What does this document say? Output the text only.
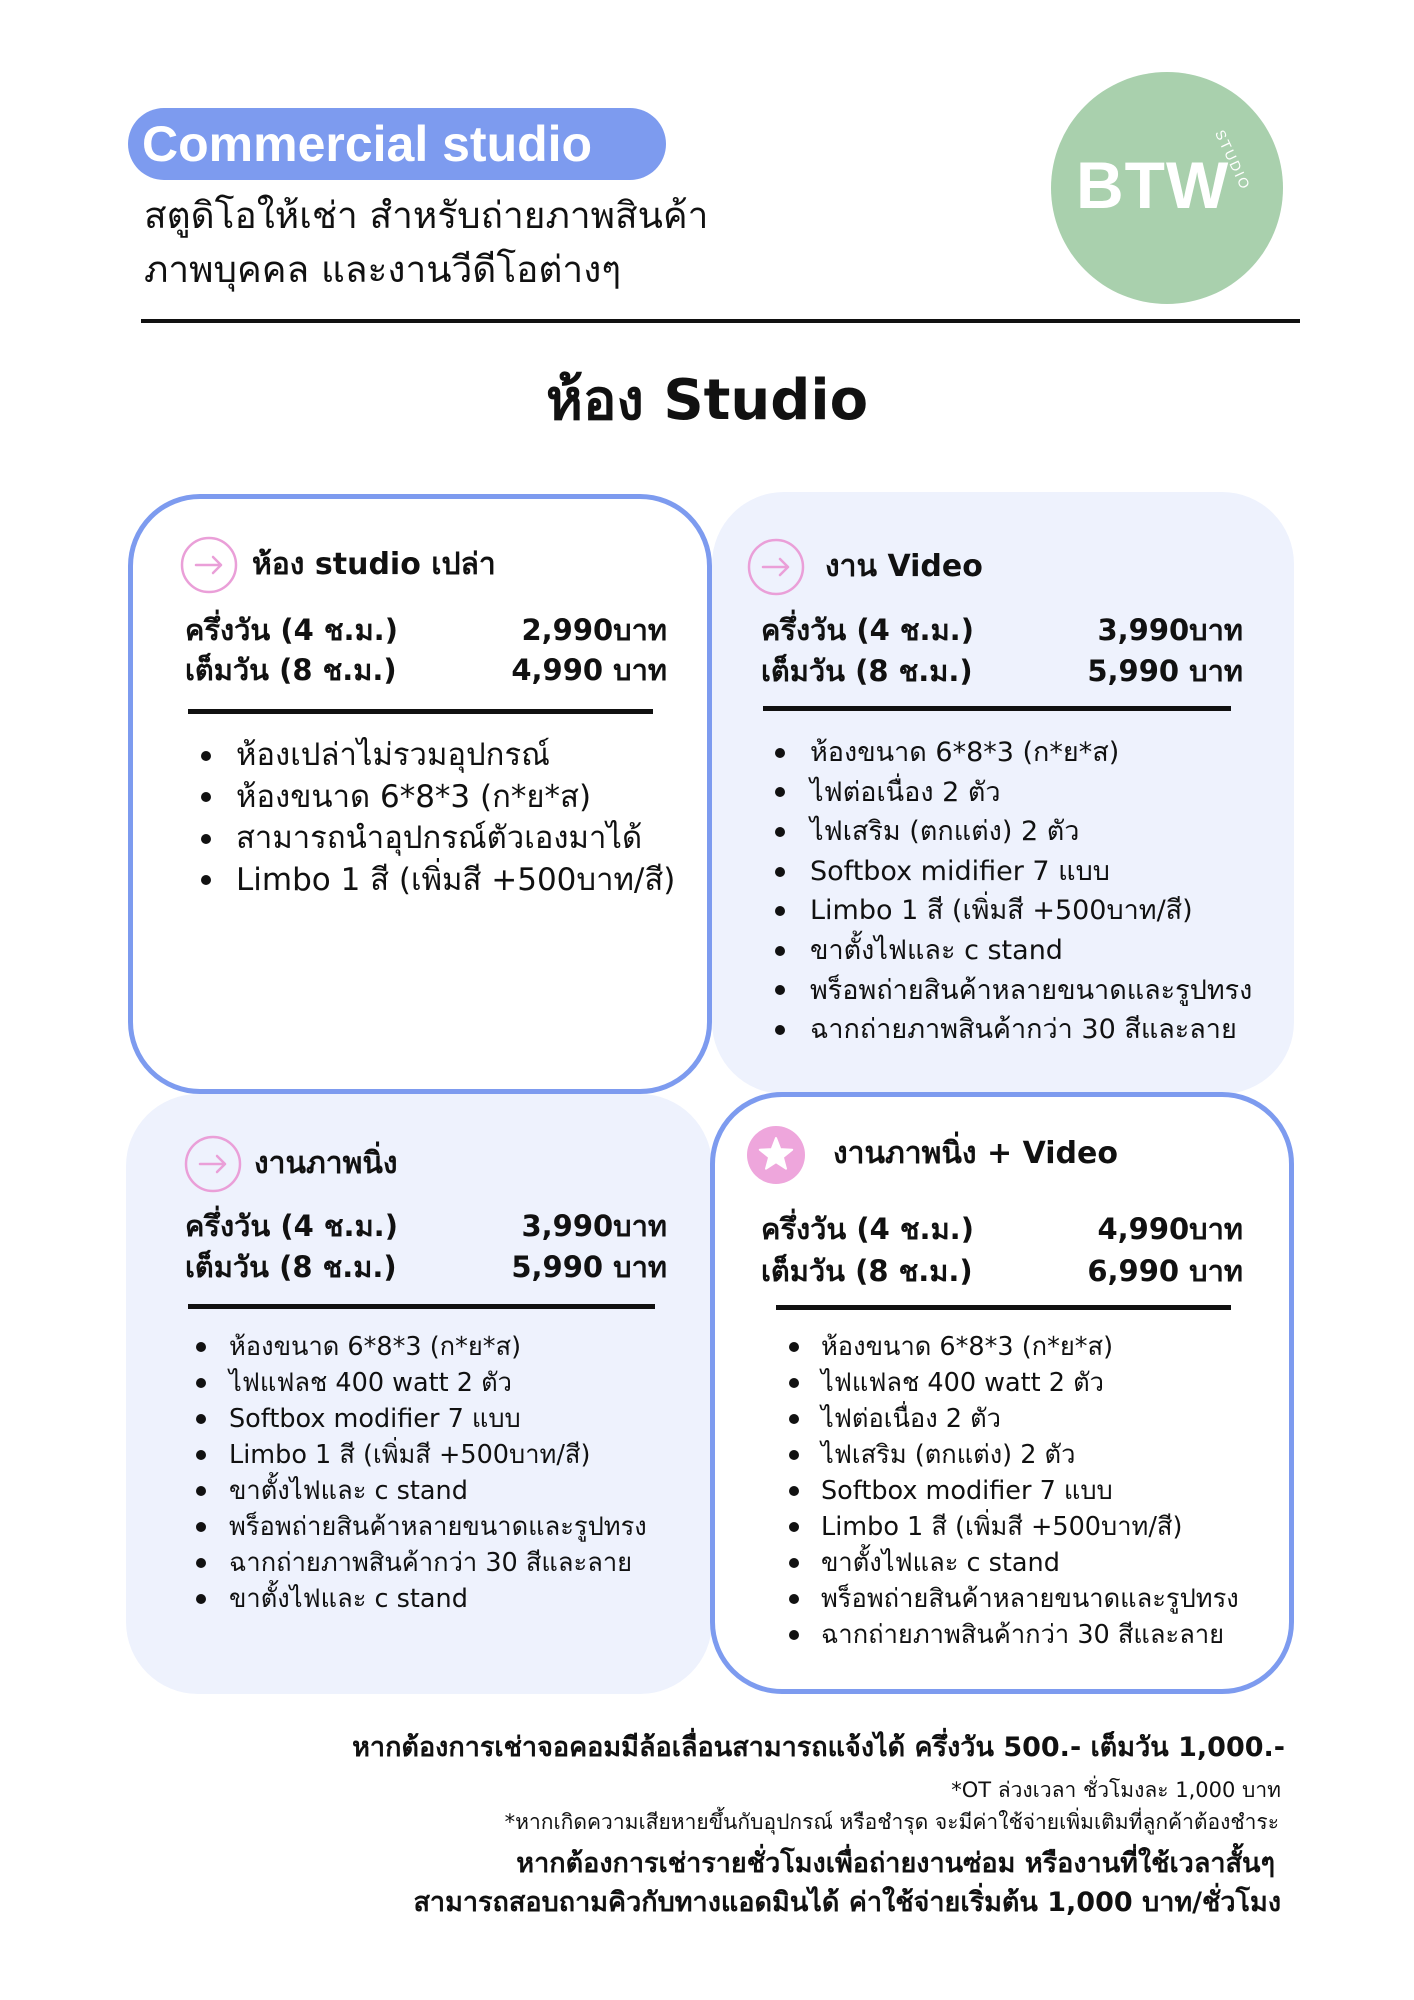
Commercial studio
สตูดิโอให้เช่า สำหรับถ่ายภาพสินค้า
ภาพบุคคล และงานวีดีโอต่างๆ
BTW
STUDIO
ห้อง Studio
ห้อง studio เปล่า
ครึ่งวัน (4 ช.ม.)	2,990บาท
เต็มวัน (8 ช.ม.)	4,990 บาท
ห้องเปล่าไม่รวมอุปกรณ์
ห้องขนาด 6*8*3 (ก*ย*ส)
สามารถนำอุปกรณ์ตัวเองมาได้
Limbo 1 สี (เพิ่มสี +500บาท/สี)
งาน Video
ครึ่งวัน (4 ช.ม.)	3,990บาท
เต็มวัน (8 ช.ม.)	5,990 บาท
ห้องขนาด 6*8*3 (ก*ย*ส)
ไฟต่อเนื่อง 2 ตัว
ไฟเสริม (ตกแต่ง) 2 ตัว
Softbox midifier 7 แบบ
Limbo 1 สี (เพิ่มสี +500บาท/สี)
ขาตั้งไฟและ c stand
พร็อพถ่ายสินค้าหลายขนาดและรูปทรง
ฉากถ่ายภาพสินค้ากว่า 30 สีและลาย
งานภาพนิ่ง
ครึ่งวัน (4 ช.ม.)	3,990บาท
เต็มวัน (8 ช.ม.)	5,990 บาท
ห้องขนาด 6*8*3 (ก*ย*ส)
ไฟแฟลช 400 watt 2 ตัว
Softbox modifier 7 แบบ
Limbo 1 สี (เพิ่มสี +500บาท/สี)
ขาตั้งไฟและ c stand
พร็อพถ่ายสินค้าหลายขนาดและรูปทรง
ฉากถ่ายภาพสินค้ากว่า 30 สีและลาย
ขาตั้งไฟและ c stand
งานภาพนิ่ง + Video
ครึ่งวัน (4 ช.ม.)	4,990บาท
เต็มวัน (8 ช.ม.)	6,990 บาท
ห้องขนาด 6*8*3 (ก*ย*ส)
ไฟแฟลช 400 watt 2 ตัว
ไฟต่อเนื่อง 2 ตัว
ไฟเสริม (ตกแต่ง) 2 ตัว
Softbox modifier 7 แบบ
Limbo 1 สี (เพิ่มสี +500บาท/สี)
ขาตั้งไฟและ c stand
พร็อพถ่ายสินค้าหลายขนาดและรูปทรง
ฉากถ่ายภาพสินค้ากว่า 30 สีและลาย
หากต้องการเช่าจอคอมมีล้อเลื่อนสามารถแจ้งได้ ครึ่งวัน 500.- เต็มวัน 1,000.-
*OT ล่วงเวลา ชั่วโมงละ 1,000 บาท
*หากเกิดความเสียหายขึ้นกับอุปกรณ์ หรือชำรุด จะมีค่าใช้จ่ายเพิ่มเติมที่ลูกค้าต้องชำระ
หากต้องการเช่ารายชั่วโมงเพื่อถ่ายงานซ่อม หรืองานที่ใช้เวลาสั้นๆ
สามารถสอบถามคิวกับทางแอดมินได้ ค่าใช้จ่ายเริ่มต้น 1,000 บาท/ชั่วโมง
